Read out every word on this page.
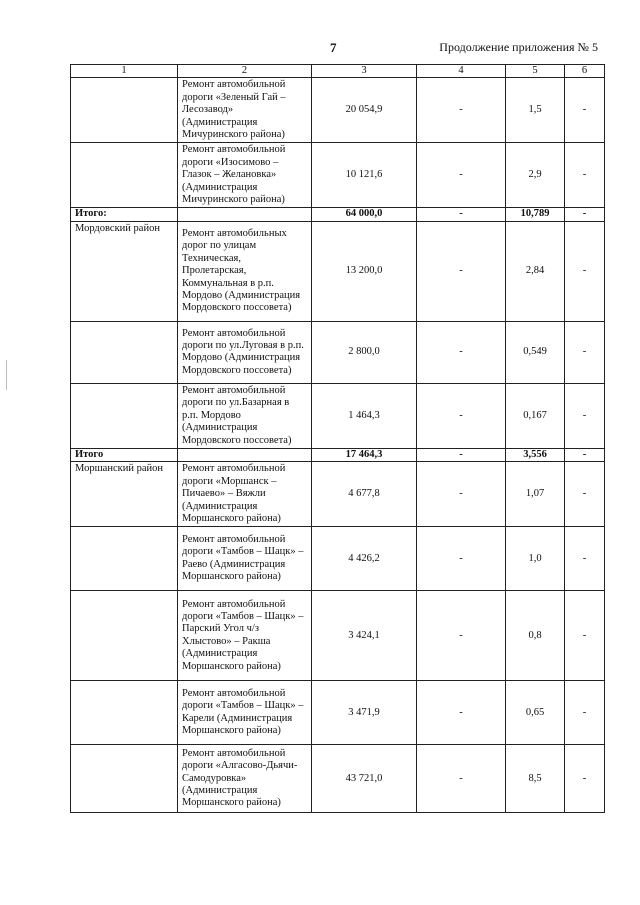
7	Продолжение приложения № 5
1	2	3	4	5	6
	Ремонт автомобильной дороги «Зеленый Гай – Лесозавод» (Администрация Мичуринского района)	20 054,9	-	1,5	-
	Ремонт автомобильной дороги «Изосимово – Глазок – Желановка» (Администрация Мичуринского района)	10 121,6	-	2,9	-
Итого:		64 000,0	-	10,789	-
Мордовский район	Ремонт автомобильных дорог по улицам Техническая, Пролетарская, Коммунальная в р.п. Мордово (Администрация Мордовского поссовета)	13 200,0	-	2,84	-
	Ремонт автомобильной дороги по ул.Луговая в р.п. Мордово (Администрация Мордовского поссовета)	2 800,0	-	0,549	-
	Ремонт автомобильной дороги по ул.Базарная в р.п. Мордово (Администрация Мордовского поссовета)	1 464,3	-	0,167	-
Итого		17 464,3	-	3,556	-
Моршанский район	Ремонт автомобильной дороги «Моршанск – Пичаево» – Вяжли (Администрация Моршанского района)	4 677,8	-	1,07	-
	Ремонт автомобильной дороги «Тамбов – Шацк» – Раево (Администрация Моршанского района)	4 426,2	-	1,0	-
	Ремонт автомобильной дороги «Тамбов – Шацк» – Парский Угол ч/з Хлыстово» – Ракша (Администрация Моршанского района)	3 424,1	-	0,8	-
	Ремонт автомобильной дороги «Тамбов – Шацк» – Карели (Администрация Моршанского района)	3 471,9	-	0,65	-
	Ремонт автомобильной дороги «Алгасово-Дьячи-Самодуровка» (Администрация Моршанского района)	43 721,0	-	8,5	-
